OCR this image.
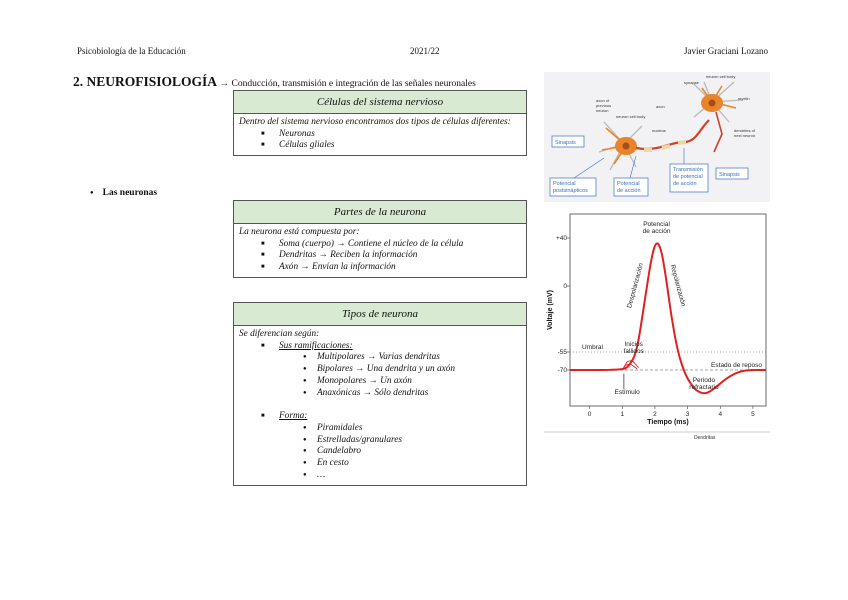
Psicobiología de la Educación	2021/22	Javier Graciani Lozano
2. NEUROFISIOLOGÍA → Conducción, transmisión e integración de las señales neuronales
Células del sistema nervioso
Dentro del sistema nervioso encontramos dos tipos de células diferentes:
■ Neuronas
■ Células gliales
● Las neuronas
Partes de la neurona
La neurona está compuesta por:
■ Soma (cuerpo) → Contiene el núcleo de la célula
■ Dendritas → Reciben la información
■ Axón → Envían la información
Tipos de neurona
Se diferencian según:
■ Sus ramificaciones:
● Multipolares → Varias dendritas
● Bipolares → Una dendrita y un axón
● Monopolares → Un axón
● Anaxónicas → Sólo dendritas
■ Forma:
● Piramidales
● Estrelladas/granulares
● Candelabro
● En cesto
● …
axon of previous neuron
neuron cell body
axon
nucleus
neuron cell body
myelin
dendrites of next neuron
synapse
Sinapsis
Sinapsis
Potencial postsinápticos
Potencial de acción
Transmisión de potencial de acción
+40
0
-55
-70
0	1	2	3	4	5
Tiempo (ms)
Voltaje (mV)
Umbral
Estado de reposo
Potencial de acción
Despolarización	Repolarización
Inicios fallidos
Estímulo
Periodo refractario
Dendritas
